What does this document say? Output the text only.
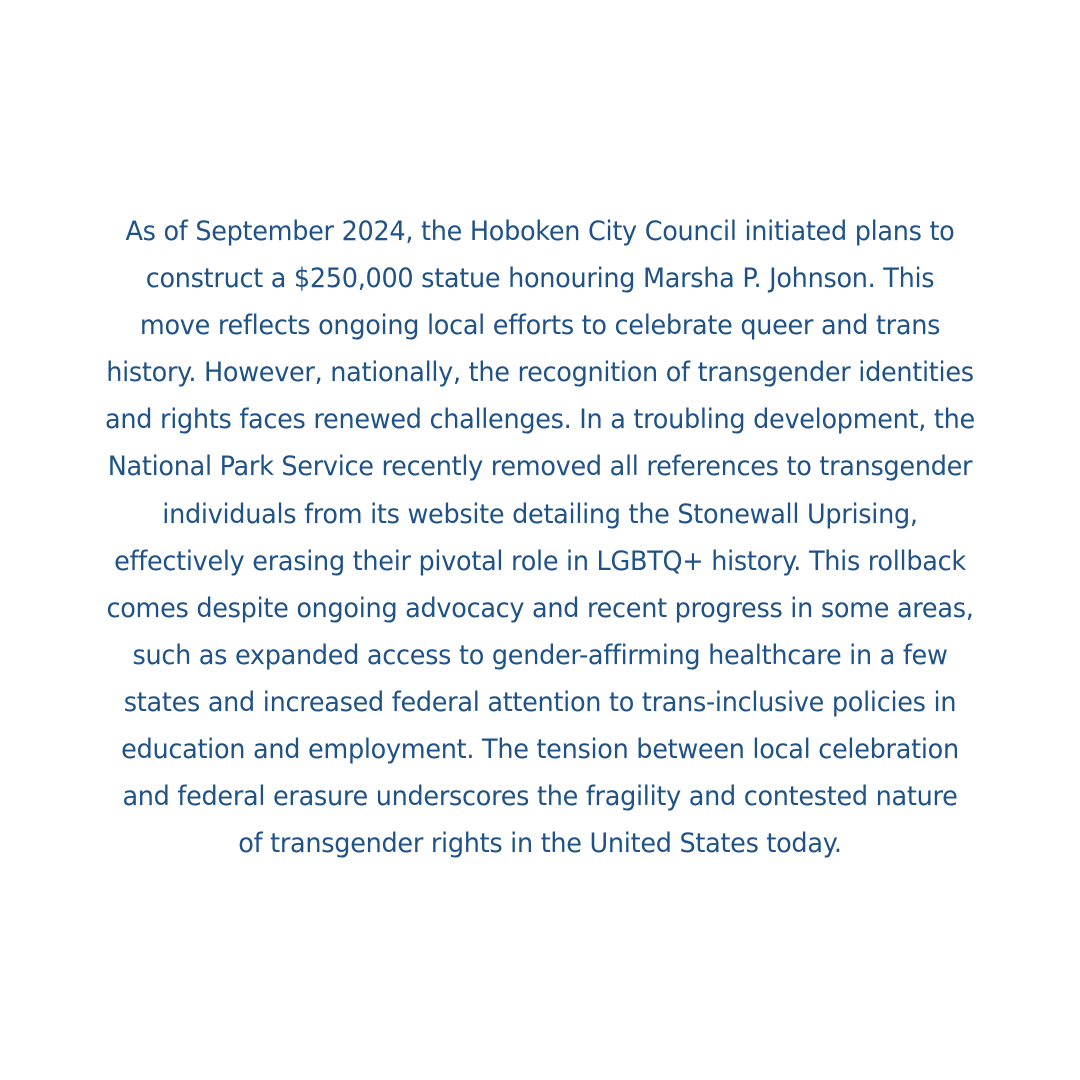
As of September 2024, the Hoboken City Council initiated plans to
construct a $250,000 statue honouring Marsha P. Johnson. This
move reflects ongoing local efforts to celebrate queer and trans
history. However, nationally, the recognition of transgender identities
and rights faces renewed challenges. In a troubling development, the
National Park Service recently removed all references to transgender
individuals from its website detailing the Stonewall Uprising,
effectively erasing their pivotal role in LGBTQ+ history. This rollback
comes despite ongoing advocacy and recent progress in some areas,
such as expanded access to gender-affirming healthcare in a few
states and increased federal attention to trans-inclusive policies in
education and employment. The tension between local celebration
and federal erasure underscores the fragility and contested nature
of transgender rights in the United States today.
